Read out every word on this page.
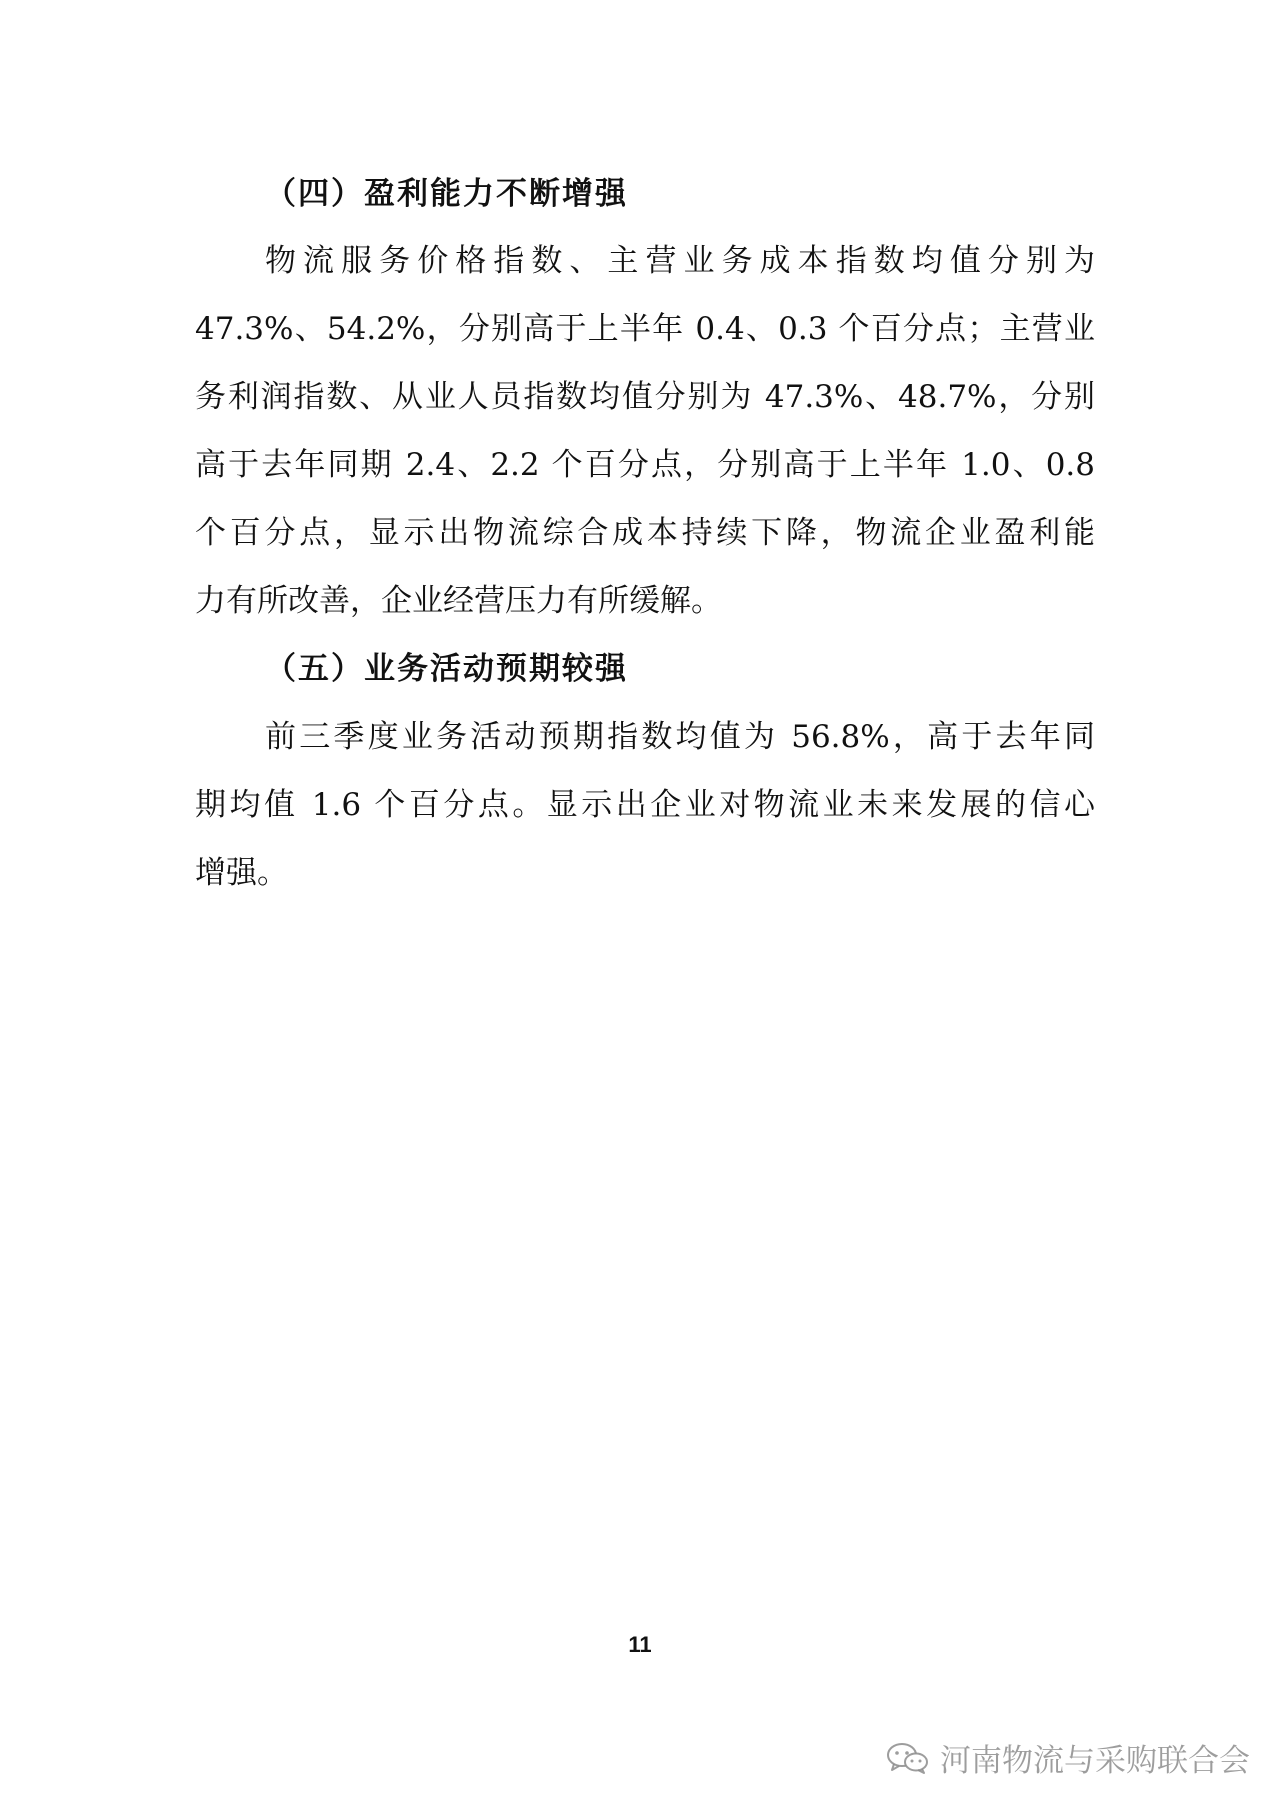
（四）盈利能力不断增强

物流服务价格指数、主营业务成本指数均值分别为

47.3%、54.2%，分别高于上半年 0.4、0.3 个百分点；主营业

务利润指数、从业人员指数均值分别为 47.3%、48.7%，分别

高于去年同期 2.4、2.2 个百分点，分别高于上半年 1.0、0.8

个百分点，显示出物流综合成本持续下降，物流企业盈利能

力有所改善，企业经营压力有所缓解。

（五）业务活动预期较强

前三季度业务活动预期指数均值为 56.8%，高于去年同

期均值 1.6 个百分点。显示出企业对物流业未来发展的信心

增强。

11

河南物流与采购联合会
